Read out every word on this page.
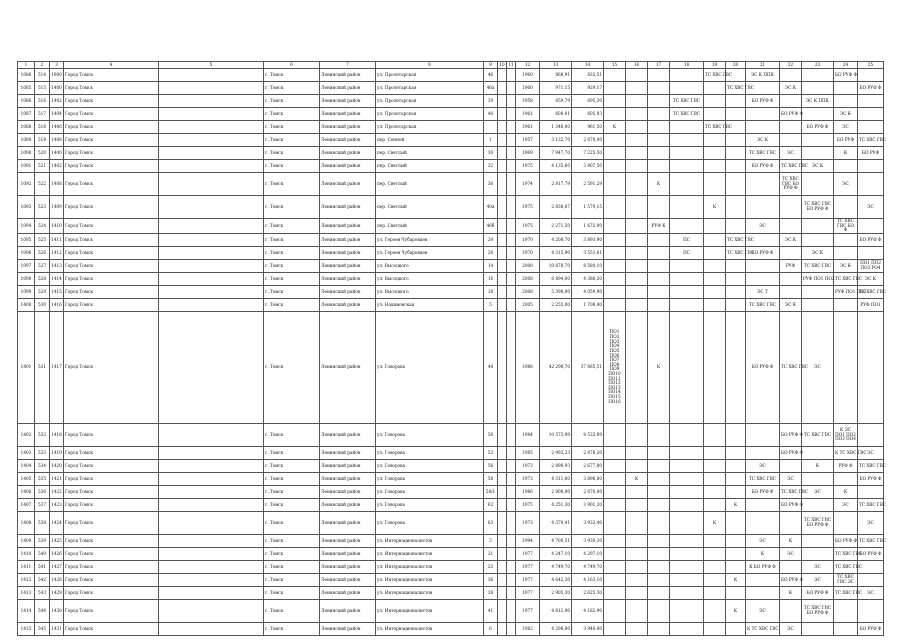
1	2	3	4	5	6	7	8	9	10	11	12	13	14	15	16	17	18	19	20	21	22	23	24	25
1086	514	1900	Город Томск		г. Томск	Ленинский район	ул. Пролетарская	46			1960	868,91	833,51					ТС ХВС ГВС		ЭС К ППК			БО РУФ Ф	
1085	515	1400	Город Томск		г. Томск	Ленинский район	ул. Пролетарская	46а			1960	971,15	929,17						ТС ХВС ГВС		ЭС К			БО РУФ Ф
1086	516	1402	Город Томск		г. Томск	Ленинский район	ул. Пролетарская	29			1958	859,79	695,30				ТС ХВС ГВС			БО РУФ Ф		ЭС К ППК		
1087	517	1404	Город Томск		г. Томск	Ленинский район	ул. Пролетарская	40			1961	608,01	605,93				ТС ХВС ГВС				БО РУФ Ф		ЭС К	
1088	518	1406	Город Томск		г. Томск	Ленинский район	ул. Пролетарская				1961	1 346,00	961,50	К				ТС ХВС ГВС				БО РУФ Ф	ЭС	
1089	519	1408	Город Томск		г. Томск	Ленинский район	пер. Сенной	1			1957	3 132,70	2 670,00							ЭС К			БО РУФ	ТС ХВС ГВС
1090	520	1400	Город Томск		г. Томск	Ленинский район	пер. Светлый	30			1969	7 947,70	7 225,50							ТС ХВС ГВС	ЭС		К	БО РУФ
1091	521	1402	Город Томск		г. Томск	Ленинский район	пер. Светлый	32			1975	4 135,60	3 807,50							БО РУФ Ф	ТС ХВС ГВС	ЭС К		
1092	522	1408	Город Томск		г. Томск	Ленинский район	пер. Светлый	36			1974	2 817,79	2 591,29			К					ТС ХВС ГВС БО РУФ Ф		ЭС	
1093	523	1409	Город Томск		г. Томск	Ленинский район	пер. Светлый	40а			1975	2 838,67	1 579,15					К				ТС ХВС ГВС БО РУФ Ф		ЭС
1094	524	1410	Город Томск		г. Томск	Ленинский район	пер. Светлый	46б			1975	2 271,50	1 672,00			РУФ К				ЭС			ТС ХВС ГВС БО Ф	
1095	525	1411	Город Томск		г. Томск	Ленинский район	ул. Героев Чубаровцев	24			1970	4 208,70	3 893,90				ПС		ТС ХВС ГВС		ЭС К			БО РУФ Ф
1096	526	1412	Город Томск		г. Томск	Ленинский район	ул. Героев Чубаровцев	26			1970	4 315,90	3 553,81				ПС		ТС ХВС ГВС	БО РУФ Ф		ЭС К		
1097	527	1413	Город Томск		г. Томск	Ленинский район	ул. Высоцкого	14			2008	10 878,70	8 580,10								РУФ	ТС ХВС ГВС	ЭС К	ПО1 ПО2 ПО3 РО4
1098	528	1414	Город Томск		г. Томск	Ленинский район	ул. Высоцкого	16			2008	6 894,00	4 386,20									РУФ ПО1 ПО2	ТС ХВС ГВС	ЭС К
1099	529	1415	Город Томск		г. Томск	Ленинский район	ул. Высоцкого	18			2008	5 398,00	4 059,90							ЭС Т			РУФ ПО1 ПО2	ТС ХВС ГВС
1400	530	1416	Город Томск		г. Томск	Ленинский район	ул. Нахимовская	5			2005	2 255,00	1 708,40							ТС ХВС ГВС	ЭС К			РУФ ПО1
1401	531	1417	Город Томск		г. Томск	Ленинский район	ул. Говорова	48			1988	42 298,70	37 885,51	ПО1 ПО2 ПО3 ПО4 ПО5 ПО6 ПО7 ПО8 ПО9 ПО10 ПО11 ПО12 ПО13 ПО14 ПО15 ПО16		К				БО РУФ Ф	ТС ХВС ГВС	ЭС		
1402	532	1418	Город Томск		г. Томск	Ленинский район	ул. Говорова	50			1984	10 573,99	9 533,89								БО РУФ Ф	ТС ХВС ГВС	К ЭС ПО1 ПО2 ПО3 ПО4	
1403	533	1419	Город Томск		г. Томск	Ленинский район	ул. Говорова	52			1985	2 993,23	2 876,20								БО РУФ Ф		К ТС ХВС ГВС	ЭС
1404	534	1420	Город Томск		г. Томск	Ленинский район	ул. Говорова	56			1973	2 890,93	2 677,80							ЭС		К	РУФ Ф	ТС ХВС ГВС
1405	535	1421	Город Томск		г. Томск	Ленинский район	ул. Говорова	58			1973	4 311,60	3 896,60		К					ТС ХВС ГВС	ЭС			БО РУФ Ф
1406	536	1422	Город Томск		г. Томск	Ленинский район	ул. Говорова	58/1			1986	2 908,00	2 678,00							БО РУФ Ф	ТС ХВС ГВС	ЭС	К	
1407	537	1423	Город Томск		г. Томск	Ленинский район	ул. Говорова	62			1975	4 251,30	3 901,20						К		БО РУФ Ф		ЭС	ТС ХВС ГВС
1408	538	1424	Город Томск		г. Томск	Ленинский район	ул. Говорова	63			1973	4 370,41	3 932,40					К				ТС ХВС ГВС БО РУФ Ф		ЭС
1409	539	1425	Город Томск		г. Томск	Ленинский район	ул. Интернационалистов	3			1994	4 700,51	3 930,30							ЭС	К		БО РУФ Ф	ТС ХВС ГВС
1410	540	1426	Город Томск		г. Томск	Ленинский район	ул. Интернационалистов	21			1977	4 247,10	4 297,10							К	ЭС		ТС ХВС ГВС	БО РУФ Ф
1411	541	1427	Город Томск		г. Томск	Ленинский район	ул. Интернационалистов	23			1977	4 749,70	4 749,70							К БО РУФ Ф		ЭС	ТС ХВС ГВС	
1412	542	1428	Город Томск		г. Томск	Ленинский район	ул. Интернационалистов	36			1977	4 642,30	4 163,10						К		БО РУФ Ф	ЭС	ТС ХВС ГВС ЭС	
1413	543	1429	Город Томск		г. Томск	Ленинский район	ул. Интернационалистов	38			1977	2 905,30	2 625,30								К	БО РУФ Ф	ТС ХВС ГВС	ЭС
1414	544	1430	Город Томск		г. Томск	Ленинский район	ул. Интернационалистов	41			1977	4 812,90	4 182,90						К	ЭС		ТС ХВС ГВС БО РУФ Ф		
1415	545	1431	Город Томск		г. Томск	Ленинский район	ул. Интернационалистов	6			1982	4 298,00	3 940,00							К ТС ХВС ГВС	ЭС			БО РУФ Ф
